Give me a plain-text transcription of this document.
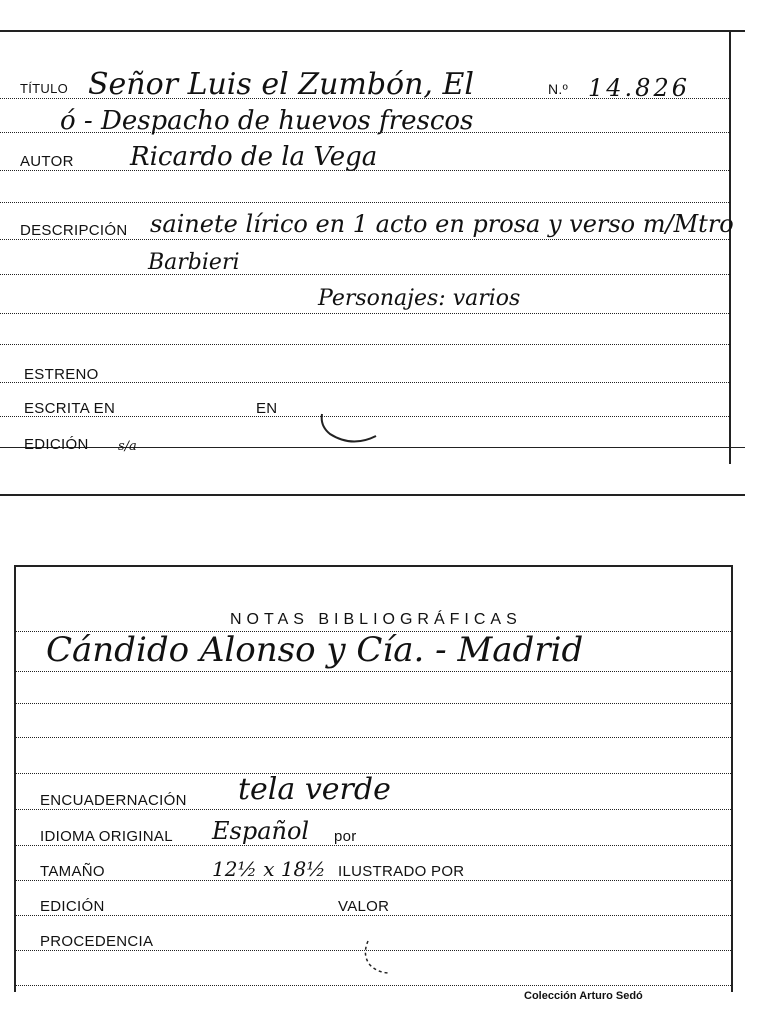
TÍTULO Señor Luis el Zumbón, El	N.º 14.826
ó - Despacho de huevos frescos
AUTOR Ricardo de la Vega
DESCRIPCIÓN sainete lírico en 1 acto en prosa y verso m/Mtro
Barbieri
Personajes: varios
ESTRENO
ESCRITA EN	EN
EDICIÓN s/a
NOTAS BIBLIOGRÁFICAS
Cándido Alonso y Cía. - Madrid
ENCUADERNACIÓN tela verde
IDIOMA ORIGINAL Español por
TAMAÑO	12½ x 18½ ILUSTRADO POR
EDICIÓN	VALOR
PROCEDENCIA
Colección Arturo Sedó
